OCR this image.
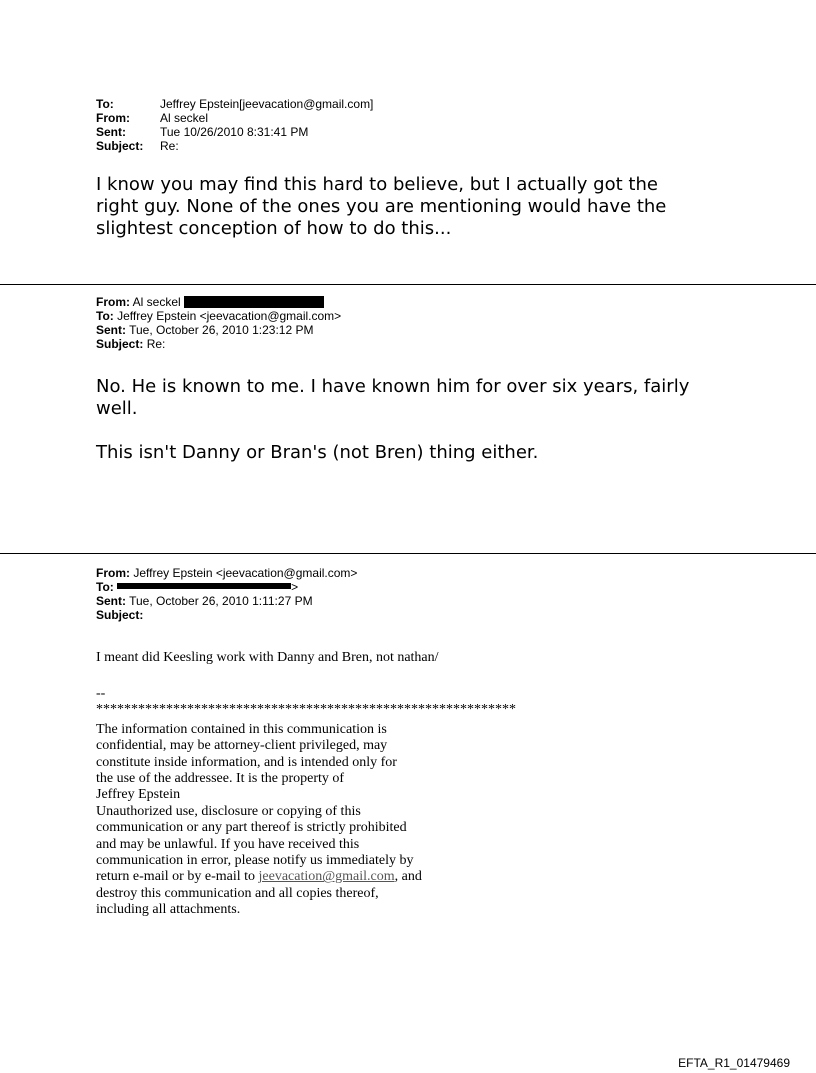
To:	Jeffrey Epstein[jeevacation@gmail.com]
From:	Al seckel
Sent:	Tue 10/26/2010 8:31:41 PM
Subject:	Re:

I know you may find this hard to believe, but I actually got the

right guy. None of the ones you are mentioning would have the

slightest conception of how to do this...

From: Al seckel
To: Jeffrey Epstein <jeevacation@gmail.com>
Sent: Tue, October 26, 2010 1:23:12 PM
Subject: Re:

No. He is known to me. I have known him for over six years, fairly

well.

This isn't Danny or Bran's (not Bren) thing either.

From: Jeffrey Epstein <jeevacation@gmail.com>
To:	>
Sent: Tue, October 26, 2010 1:11:27 PM
Subject:

I meant did Keesling work with Danny and Bren, not nathan/

--

************************************************************

The information contained in this communication is

confidential, may be attorney-client privileged, may

constitute inside information, and is intended only for

the use of the addressee. It is the property of

Jeffrey Epstein

Unauthorized use, disclosure or copying of this

communication or any part thereof is strictly prohibited

and may be unlawful. If you have received this

communication in error, please notify us immediately by

return e-mail or by e-mail to jeevacation@gmail.com, and

destroy this communication and all copies thereof,

including all attachments.

EFTA_R1_01479469
